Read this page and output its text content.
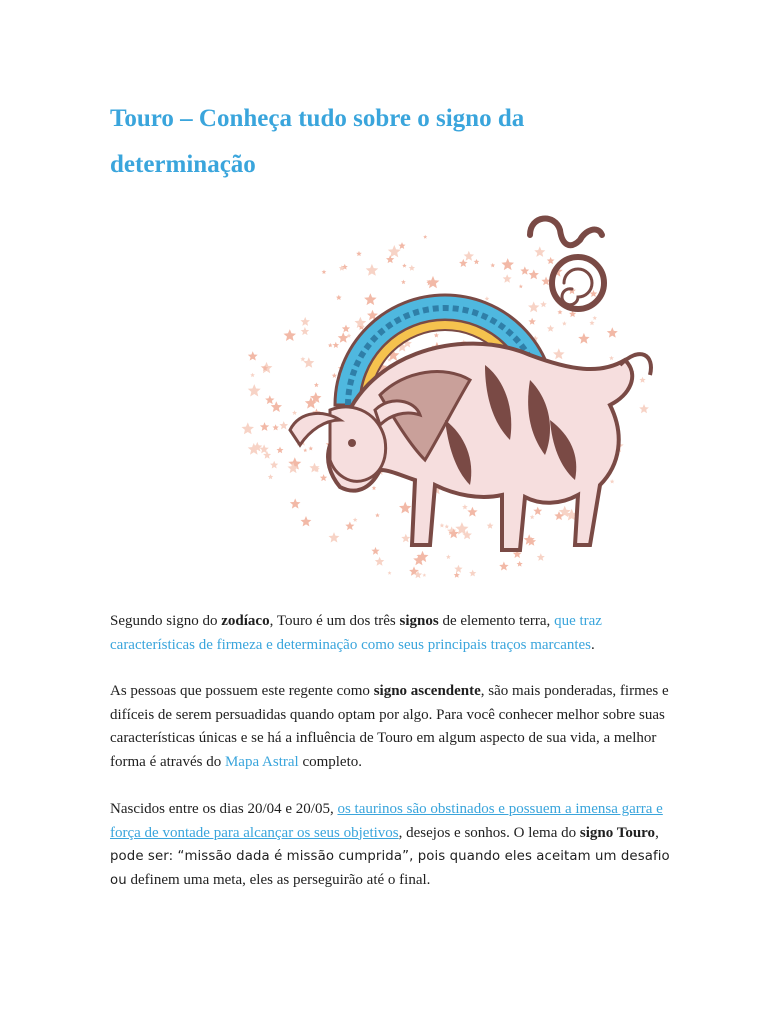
Touro – Conheça tudo sobre o signo da determinação

Segundo signo do zodíaco, Touro é um dos três signos de elemento terra, que traz características de firmeza e determinação como seus principais traços marcantes.

As pessoas que possuem este regente como signo ascendente, são mais ponderadas, firmes e difíceis de serem persuadidas quando optam por algo. Para você conhecer melhor sobre suas características únicas e se há a influência de Touro em algum aspecto de sua vida, a melhor forma é através do Mapa Astral completo.

Nascidos entre os dias 20/04 e 20/05, os taurinos são obstinados e possuem a imensa garra e força de vontade para alcançar os seus objetivos, desejos e sonhos. O lema do signo Touro, pode ser: “missão dada é missão cumprida”, pois quando eles aceitam um desafio ou definem uma meta, eles as perseguirão até o final.
